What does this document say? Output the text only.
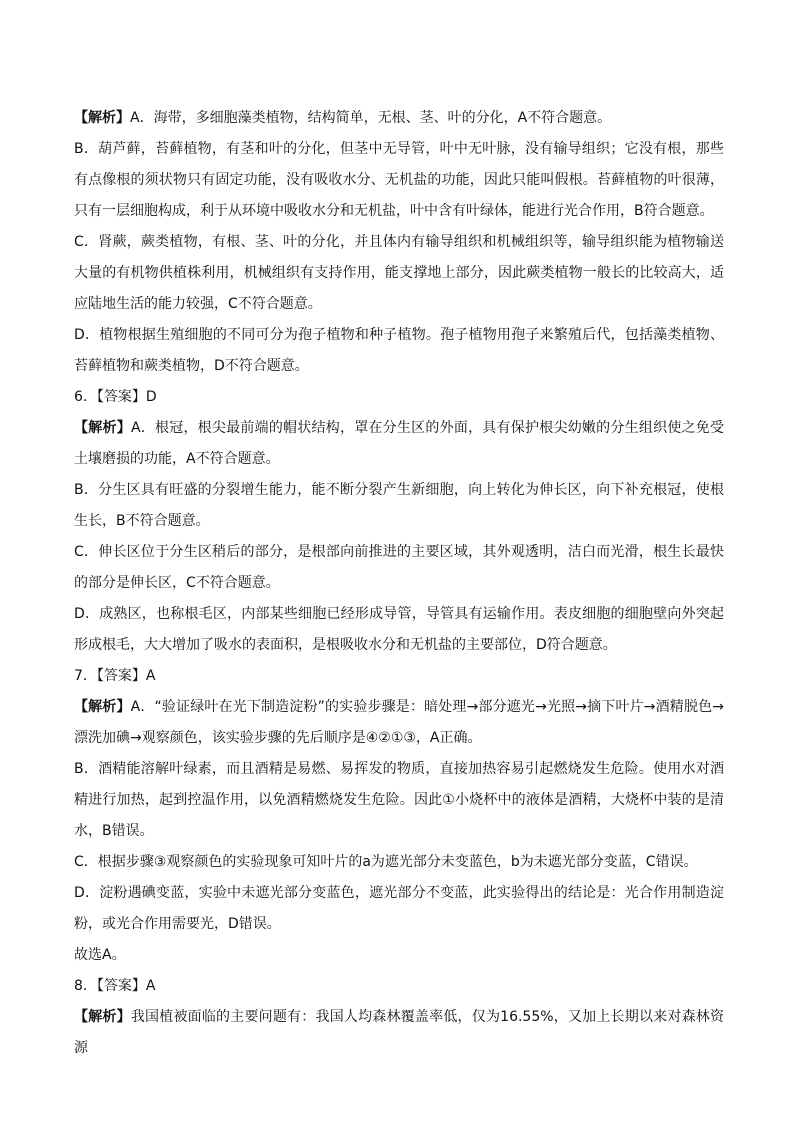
【解析】A．海带，多细胞藻类植物，结构简单，无根、茎、叶的分化，A不符合题意。

B．葫芦藓，苔藓植物，有茎和叶的分化，但茎中无导管，叶中无叶脉，没有输导组织；它没有根，那些有点像根的须状物只有固定功能，没有吸收水分、无机盐的功能，因此只能叫假根。苔藓植物的叶很薄，只有一层细胞构成，利于从环境中吸收水分和无机盐，叶中含有叶绿体，能进行光合作用，B符合题意。

C．肾蕨，蕨类植物，有根、茎、叶的分化，并且体内有输导组织和机械组织等，输导组织能为植物输送大量的有机物供植株利用，机械组织有支持作用，能支撑地上部分，因此蕨类植物一般长的比较高大，适应陆地生活的能力较强，C不符合题意。

D．植物根据生殖细胞的不同可分为孢子植物和种子植物。孢子植物用孢子来繁殖后代，包括藻类植物、苔藓植物和蕨类植物，D不符合题意。

6．【答案】D

【解析】A．根冠，根尖最前端的帽状结构，罩在分生区的外面，具有保护根尖幼嫩的分生组织使之免受土壤磨损的功能，A不符合题意。

B．分生区具有旺盛的分裂增生能力，能不断分裂产生新细胞，向上转化为伸长区，向下补充根冠，使根生长，B不符合题意。

C．伸长区位于分生区稍后的部分，是根部向前推进的主要区域，其外观透明，洁白而光滑，根生长最快的部分是伸长区，C不符合题意。

D．成熟区，也称根毛区，内部某些细胞已经形成导管，导管具有运输作用。表皮细胞的细胞壁向外突起形成根毛，大大增加了吸水的表面积，是根吸收水分和无机盐的主要部位，D符合题意。

7．【答案】A

【解析】A．“验证绿叶在光下制造淀粉”的实验步骤是：暗处理→部分遮光→光照→摘下叶片→酒精脱色→漂洗加碘→观察颜色，该实验步骤的先后顺序是④②①③，A正确。

B．酒精能溶解叶绿素，而且酒精是易燃、易挥发的物质，直接加热容易引起燃烧发生危险。使用水对酒精进行加热，起到控温作用，以免酒精燃烧发生危险。因此①小烧杯中的液体是酒精，大烧杯中装的是清水，B错误。

C．根据步骤③观察颜色的实验现象可知叶片的a为遮光部分未变蓝色，b为未遮光部分变蓝，C错误。

D．淀粉遇碘变蓝，实验中未遮光部分变蓝色，遮光部分不变蓝，此实验得出的结论是：光合作用制造淀粉，或光合作用需要光，D错误。

故选A。

8．【答案】A

【解析】我国植被面临的主要问题有：我国人均森林覆盖率低，仅为16.55%，又加上长期以来对森林资源
